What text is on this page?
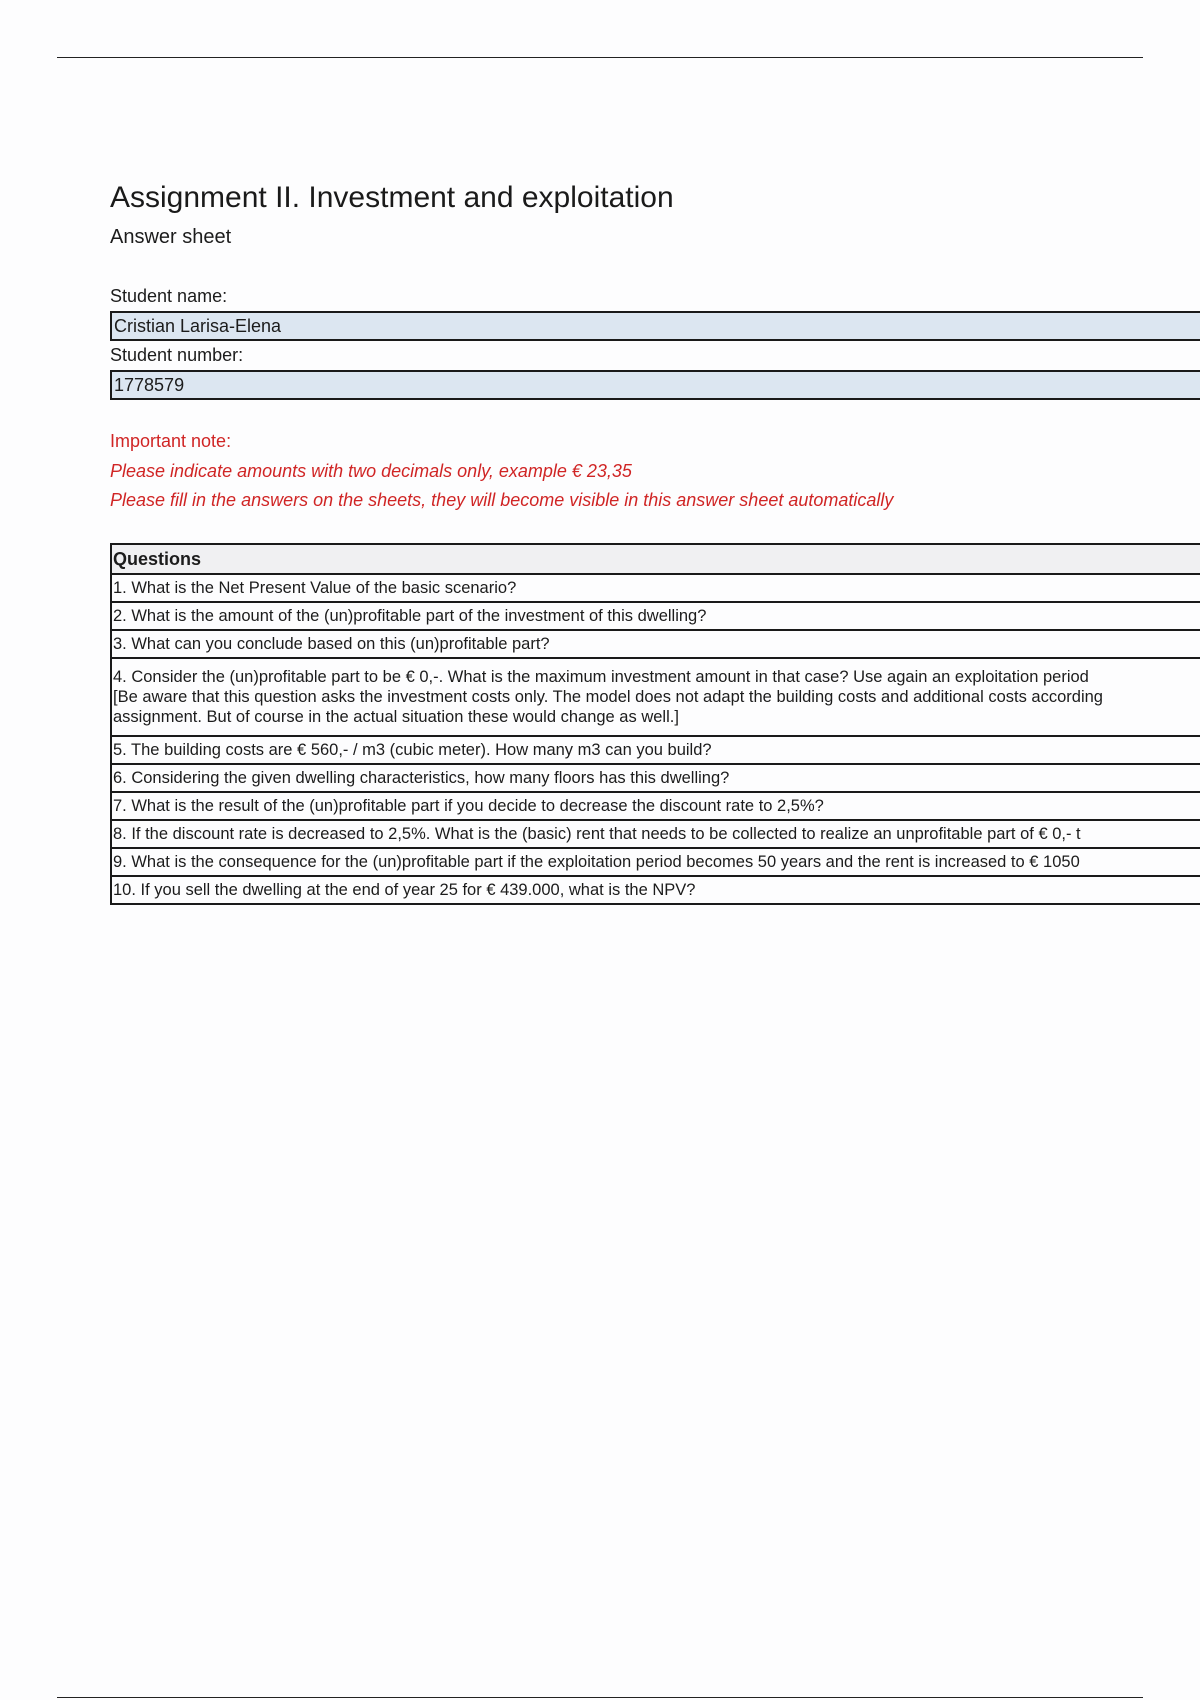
Assignment II. Investment and exploitation
Answer sheet
Student name:
Cristian Larisa-Elena
Student number:
1778579
Important note:
Please indicate amounts with two decimals only, example € 23,35
Please fill in the answers on the sheets, they will become visible in this answer sheet automatically
Questions
1. What is the Net Present Value of the basic scenario?
2. What is the amount of the (un)profitable part of the investment of this dwelling?
3. What can you conclude based on this (un)profitable part?
4. Consider the (un)profitable part to be € 0,-. What is the maximum investment amount in that case? Use again an exploitation period
[Be aware that this question asks the investment costs only. The model does not adapt the building costs and additional costs according
assignment. But of course in the actual situation these would change as well.]
5. The building costs are € 560,- / m3 (cubic meter). How many m3 can you build?
6. Considering the given dwelling characteristics, how many floors has this dwelling?
7. What is the result of the (un)profitable part if you decide to decrease the discount rate to 2,5%?
8. If the discount rate is decreased to 2,5%. What is the (basic) rent that needs to be collected to realize an unprofitable part of € 0,- t
9. What is the consequence for the (un)profitable part if the exploitation period becomes 50 years and the rent is increased to € 1050
10. If you sell the dwelling at the end of year 25 for € 439.000, what is the NPV?
